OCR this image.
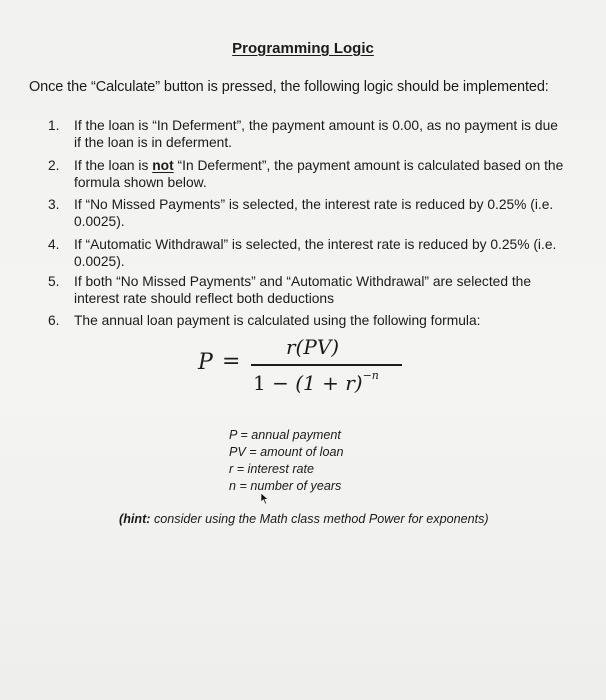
Programming Logic
Once the “Calculate” button is pressed, the following logic should be implemented:
1. If the loan is “In Deferment”, the payment amount is 0.00, as no payment is due if the loan is in deferment.
2. If the loan is not “In Deferment”, the payment amount is calculated based on the formula shown below.
3. If “No Missed Payments” is selected, the interest rate is reduced by 0.25% (i.e. 0.0025).
4. If “Automatic Withdrawal” is selected, the interest rate is reduced by 0.25% (i.e. 0.0025).
5. If both “No Missed Payments” and “Automatic Withdrawal” are selected the interest rate should reflect both deductions
6. The annual loan payment is calculated using the following formula:
P =
r(PV)
$1 - (1 + r)^{-n}$
P = annual payment
PV = amount of loan
r = interest rate
n = number of years
(hint: consider using the Math class method Power for exponents)
